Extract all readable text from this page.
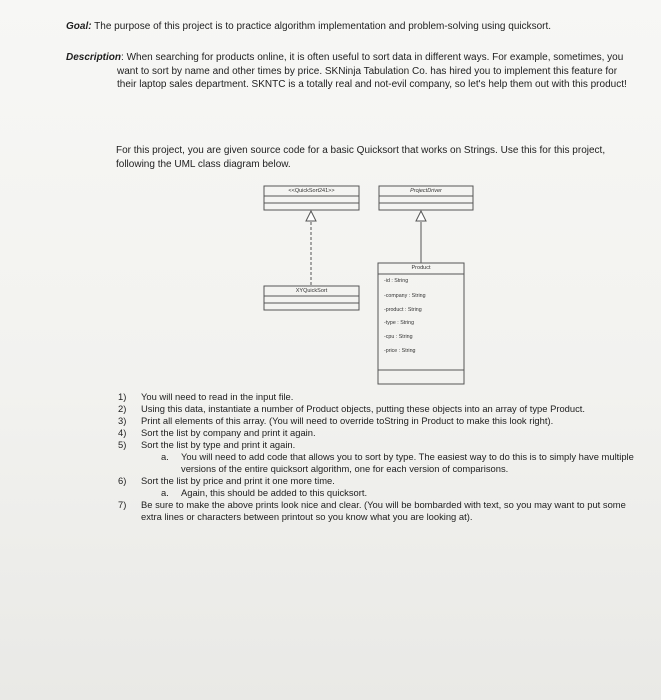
Goal: The purpose of this project is to practice algorithm implementation and problem-solving using quicksort.

Description: When searching for products online, it is often useful to sort data in different ways. For example, sometimes, you want to sort by name and other times by price. SKNinja Tabulation Co. has hired you to implement this feature for their laptop sales department. SKNTC is a totally real and not-evil company, so let's help them out with this product!

For this project, you are given source code for a basic Quicksort that works on Strings. Use this for this project, following the UML class diagram below.

<<QuickSort241>>	ProjectDriver
XYQuickSort
Product
-id : String
-company : String
-product : String
-type : String
-cpu : String
-price : String
1) You will need to read in the input file.
2) Using this data, instantiate a number of Product objects, putting these objects into an array of type Product.
3) Print all elements of this array. (You will need to override toString in Product to make this look right).
4) Sort the list by company and print it again.
5) Sort the list by type and print it again.
a. You will need to add code that allows you to sort by type. The easiest way to do this is to simply have multiple versions of the entire quicksort algorithm, one for each version of comparisons.
6) Sort the list by price and print it one more time.
a. Again, this should be added to this quicksort.
7) Be sure to make the above prints look nice and clear. (You will be bombarded with text, so you may want to put some extra lines or characters between printout so you know what you are looking at).
